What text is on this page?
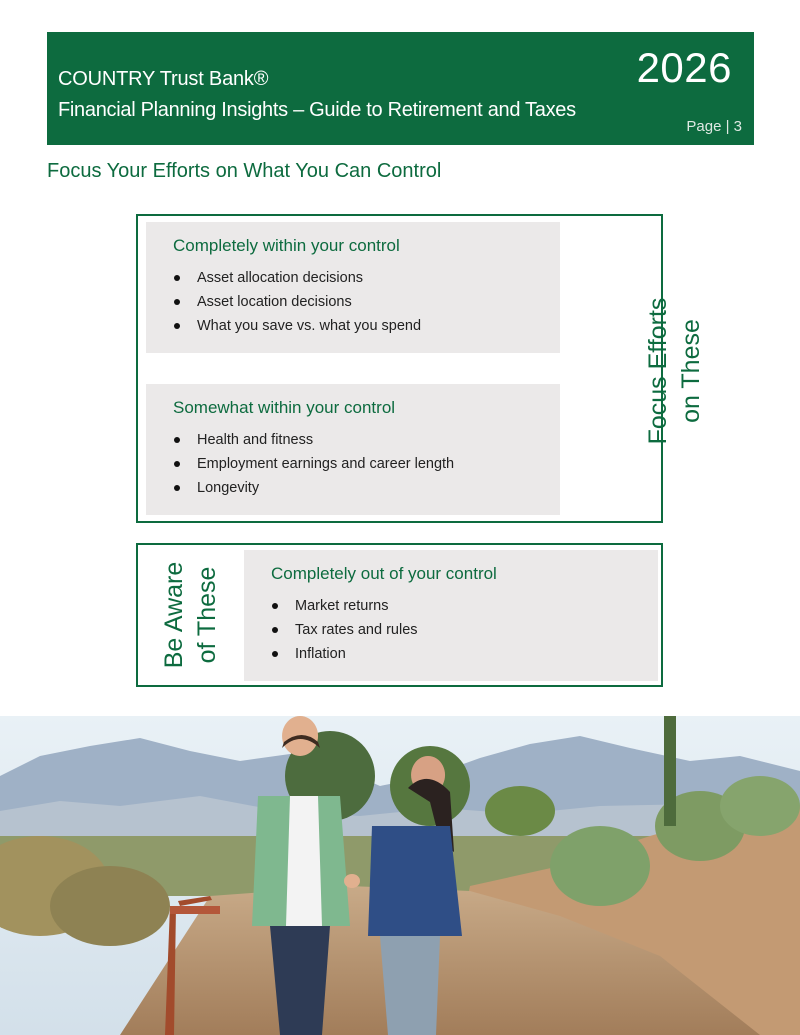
COUNTRY Trust Bank®
Financial Planning Insights – Guide to Retirement and Taxes
2026
Page | 3
Focus Your Efforts on What You Can Control
Completely within your control
Asset allocation decisions
Asset location decisions
What you save vs. what you spend
Somewhat within your control
Health and fitness
Employment earnings and career length
Longevity
Focus Efforts on These
Be Aware of These	Completely out of your control
Market returns
Tax rates and rules
Inflation
